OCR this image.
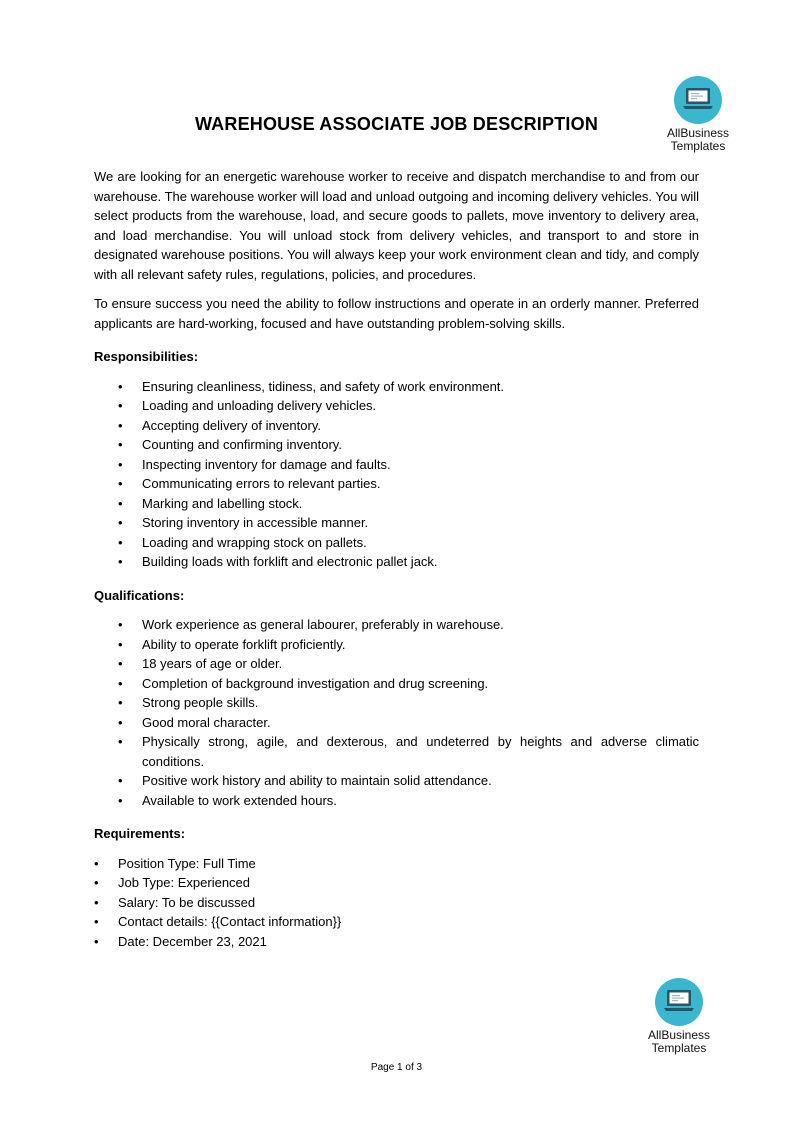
AllBusiness
Templates
WAREHOUSE ASSOCIATE JOB DESCRIPTION

We are looking for an energetic warehouse worker to receive and dispatch merchandise to and from our warehouse. The warehouse worker will load and unload outgoing and incoming delivery vehicles. You will select products from the warehouse, load, and secure goods to pallets, move inventory to delivery area, and load merchandise. You will unload stock from delivery vehicles, and transport to and store in designated warehouse positions. You will always keep your work environment clean and tidy, and comply with all relevant safety rules, regulations, policies, and procedures.

To ensure success you need the ability to follow instructions and operate in an orderly manner. Preferred applicants are hard-working, focused and have outstanding problem-solving skills.

Responsibilities:
• Ensuring cleanliness, tidiness, and safety of work environment.
• Loading and unloading delivery vehicles.
• Accepting delivery of inventory.
• Counting and confirming inventory.
• Inspecting inventory for damage and faults.
• Communicating errors to relevant parties.
• Marking and labelling stock.
• Storing inventory in accessible manner.
• Loading and wrapping stock on pallets.
• Building loads with forklift and electronic pallet jack.
Qualifications:
• Work experience as general labourer, preferably in warehouse.
• Ability to operate forklift proficiently.
• 18 years of age or older.
• Completion of background investigation and drug screening.
• Strong people skills.
• Good moral character.
• Physically strong, agile, and dexterous, and undeterred by heights and adverse climatic conditions.
• Positive work history and ability to maintain solid attendance.
• Available to work extended hours.
Requirements:
• Position Type: Full Time
• Job Type: Experienced
• Salary: To be discussed
• Contact details: {{Contact information}}
• Date: December 23, 2021
AllBusiness
Templates
Page 1 of 3
